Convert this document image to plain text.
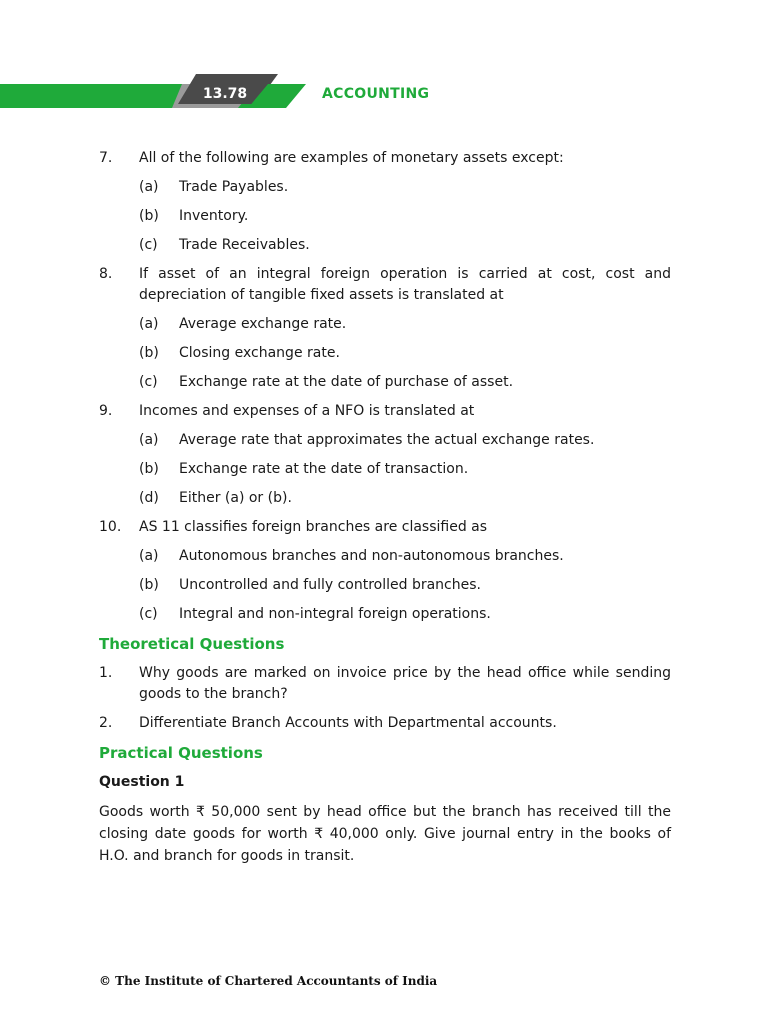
13.78	ACCOUNTING
7. All of the following are examples of monetary assets except:
(a) Trade Payables.
(b) Inventory.
(c) Trade Receivables.
8. If asset of an integral foreign operation is carried at cost, cost and depreciation of tangible fixed assets is translated at
(a) Average exchange rate.
(b) Closing exchange rate.
(c) Exchange rate at the date of purchase of asset.
9. Incomes and expenses of a NFO is translated at
(a) Average rate that approximates the actual exchange rates.
(b) Exchange rate at the date of transaction.
(d) Either (a) or (b).
10. AS 11 classifies foreign branches are classified as
(a) Autonomous branches and non-autonomous branches.
(b) Uncontrolled and fully controlled branches.
(c) Integral and non-integral foreign operations.
Theoretical Questions
1. Why goods are marked on invoice price by the head office while sending goods to the branch?
2. Differentiate Branch Accounts with Departmental accounts.
Practical Questions
Question 1
Goods worth ₹ 50,000 sent by head office but the branch has received till the closing date goods for worth ₹ 40,000 only. Give journal entry in the books of H.O. and branch for goods in transit.
© The Institute of Chartered Accountants of India
